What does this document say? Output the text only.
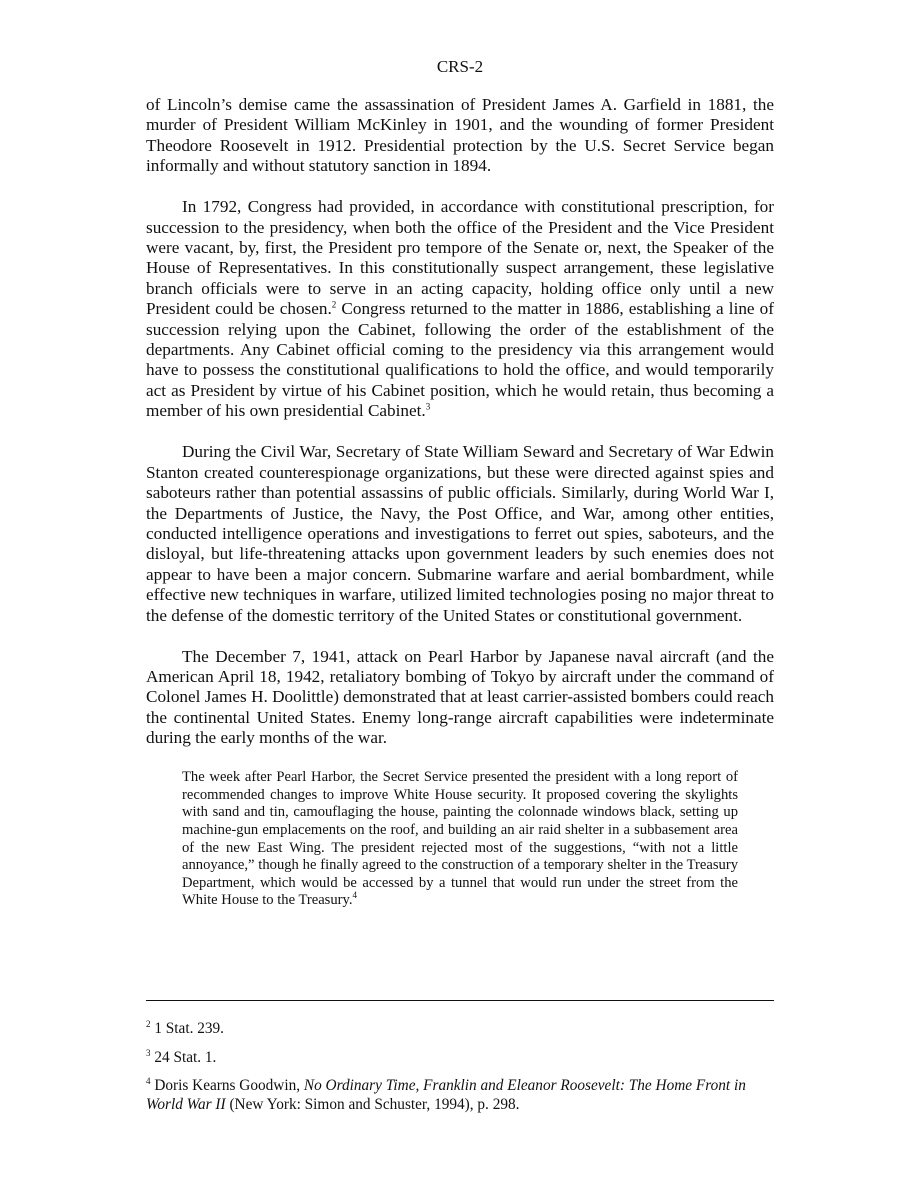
CRS-2

of Lincoln’s demise came the assassination of President James A. Garfield in 1881, the murder of President William McKinley in 1901, and the wounding of former President Theodore Roosevelt in 1912. Presidential protection by the U.S. Secret Service began informally and without statutory sanction in 1894.

In 1792, Congress had provided, in accordance with constitutional prescription, for succession to the presidency, when both the office of the President and the Vice President were vacant, by, first, the President pro tempore of the Senate or, next, the Speaker of the House of Representatives. In this constitutionally suspect arrangement, these legislative branch officials were to serve in an acting capacity, holding office only until a new President could be chosen.$^2$ Congress returned to the matter in 1886, establishing a line of succession relying upon the Cabinet, following the order of the establishment of the departments. Any Cabinet official coming to the presidency via this arrangement would have to possess the constitutional qualifications to hold the office, and would temporarily act as President by virtue of his Cabinet position, which he would retain, thus becoming a member of his own presidential Cabinet.$^3$

During the Civil War, Secretary of State William Seward and Secretary of War Edwin Stanton created counterespionage organizations, but these were directed against spies and saboteurs rather than potential assassins of public officials. Similarly, during World War I, the Departments of Justice, the Navy, the Post Office, and War, among other entities, conducted intelligence operations and investigations to ferret out spies, saboteurs, and the disloyal, but life-threatening attacks upon government leaders by such enemies does not appear to have been a major concern. Submarine warfare and aerial bombardment, while effective new techniques in warfare, utilized limited technologies posing no major threat to the defense of the domestic territory of the United States or constitutional government.

The December 7, 1941, attack on Pearl Harbor by Japanese naval aircraft (and the American April 18, 1942, retaliatory bombing of Tokyo by aircraft under the command of Colonel James H. Doolittle) demonstrated that at least carrier-assisted bombers could reach the continental United States. Enemy long-range aircraft capabilities were indeterminate during the early months of the war.

The week after Pearl Harbor, the Secret Service presented the president with a long report of recommended changes to improve White House security. It proposed covering the skylights with sand and tin, camouflaging the house, painting the colonnade windows black, setting up machine-gun emplacements on the roof, and building an air raid shelter in a subbasement area of the new East Wing. The president rejected most of the suggestions, “with not a little annoyance,” though he finally agreed to the construction of a temporary shelter in the Treasury Department, which would be accessed by a tunnel that would run under the street from the White House to the Treasury.$^4$

$^2$ 1 Stat. 239.

$^3$ 24 Stat. 1.

$^4$ Doris Kearns Goodwin, No Ordinary Time, Franklin and Eleanor Roosevelt: The Home Front in World War II (New York: Simon and Schuster, 1994), p. 298.
